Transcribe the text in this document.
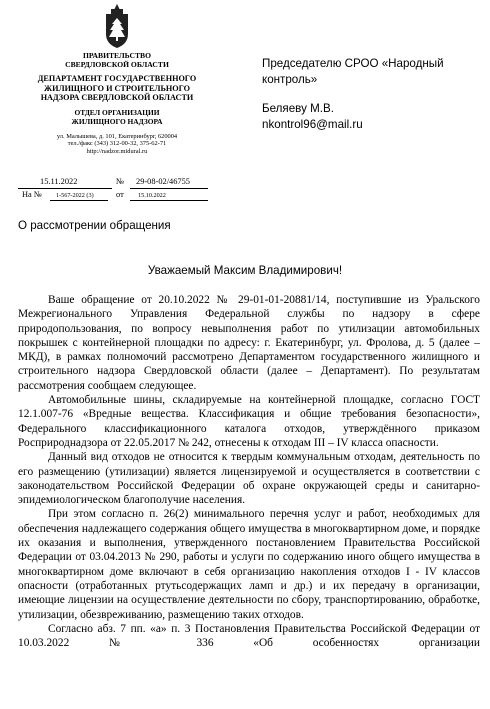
ПРАВИТЕЛЬСТВО
СВЕРДЛОВСКОЙ ОБЛАСТИ
ДЕПАРТАМЕНТ ГОСУДАРСТВЕННОГО
ЖИЛИЩНОГО И СТРОИТЕЛЬНОГО
НАДЗОРА СВЕРДЛОВСКОЙ ОБЛАСТИ
ОТДЕЛ ОРГАНИЗАЦИИ
ЖИЛИЩНОГО НАДЗОРА
ул. Малышева, д. 101, Екатеринбург, 620004
тел./факс (343) 312-00-32, 375-62-71
http://nadzor.midural.ru
15.11.2022	№ 29-08-02/46755
На № 1-567-2022 (3)	от 15.10.2022
Председателю СРОО «Народный
контроль»
Беляеву М.В.
nkontrol96@mail.ru
О рассмотрении обращения
Уважаемый Максим Владимирович!

Ваше обращение от 20.10.2022 № 29-01-01-20881/14, поступившие из Уральского Межрегионального Управления Федеральной службы по надзору в сфере природопользования, по вопросу невыполнения работ по утилизации автомобильных покрышек с контейнерной площадки по адресу: г. Екатеринбург, ул. Фролова, д. 5 (далее – МКД), в рамках полномочий рассмотрено Департаментом государственного жилищного и строительного надзора Свердловской области (далее – Департамент). По результатам рассмотрения сообщаем следующее.

Автомобильные шины, складируемые на контейнерной площадке, согласно ГОСТ 12.1.007-76 «Вредные вещества. Классификация и общие требования безопасности», Федерального классификационного каталога отходов, утверждённого приказом Росприроднадзора от 22.05.2017 № 242, отнесены к отходам III – IV класса опасности.

Данный вид отходов не относится к твердым коммунальным отходам, деятельность по его размещению (утилизации) является лицензируемой и осуществляется в соответствии с законодательством Российской Федерации об охране окружающей среды и санитарно-эпидемиологическом благополучие населения.

При этом согласно п. 26(2) минимального перечня услуг и работ, необходимых для обеспечения надлежащего содержания общего имущества в многоквартирном доме, и порядке их оказания и выполнения, утвержденного постановлением Правительства Российской Федерации от 03.04.2013 № 290, работы и услуги по содержанию иного общего имущества в многоквартирном доме включают в себя организацию накопления отходов I - IV классов опасности (отработанных ртутьсодержащих ламп и др.) и их передачу в организации, имеющие лицензии на осуществление деятельности по сбору, транспортированию, обработке, утилизации, обезвреживанию, размещению таких отходов.

Согласно абз. 7 пп. «а» п. 3 Постановления Правительства Российской Федерации от 10.03.2022 № 336 «Об особенностях организации
